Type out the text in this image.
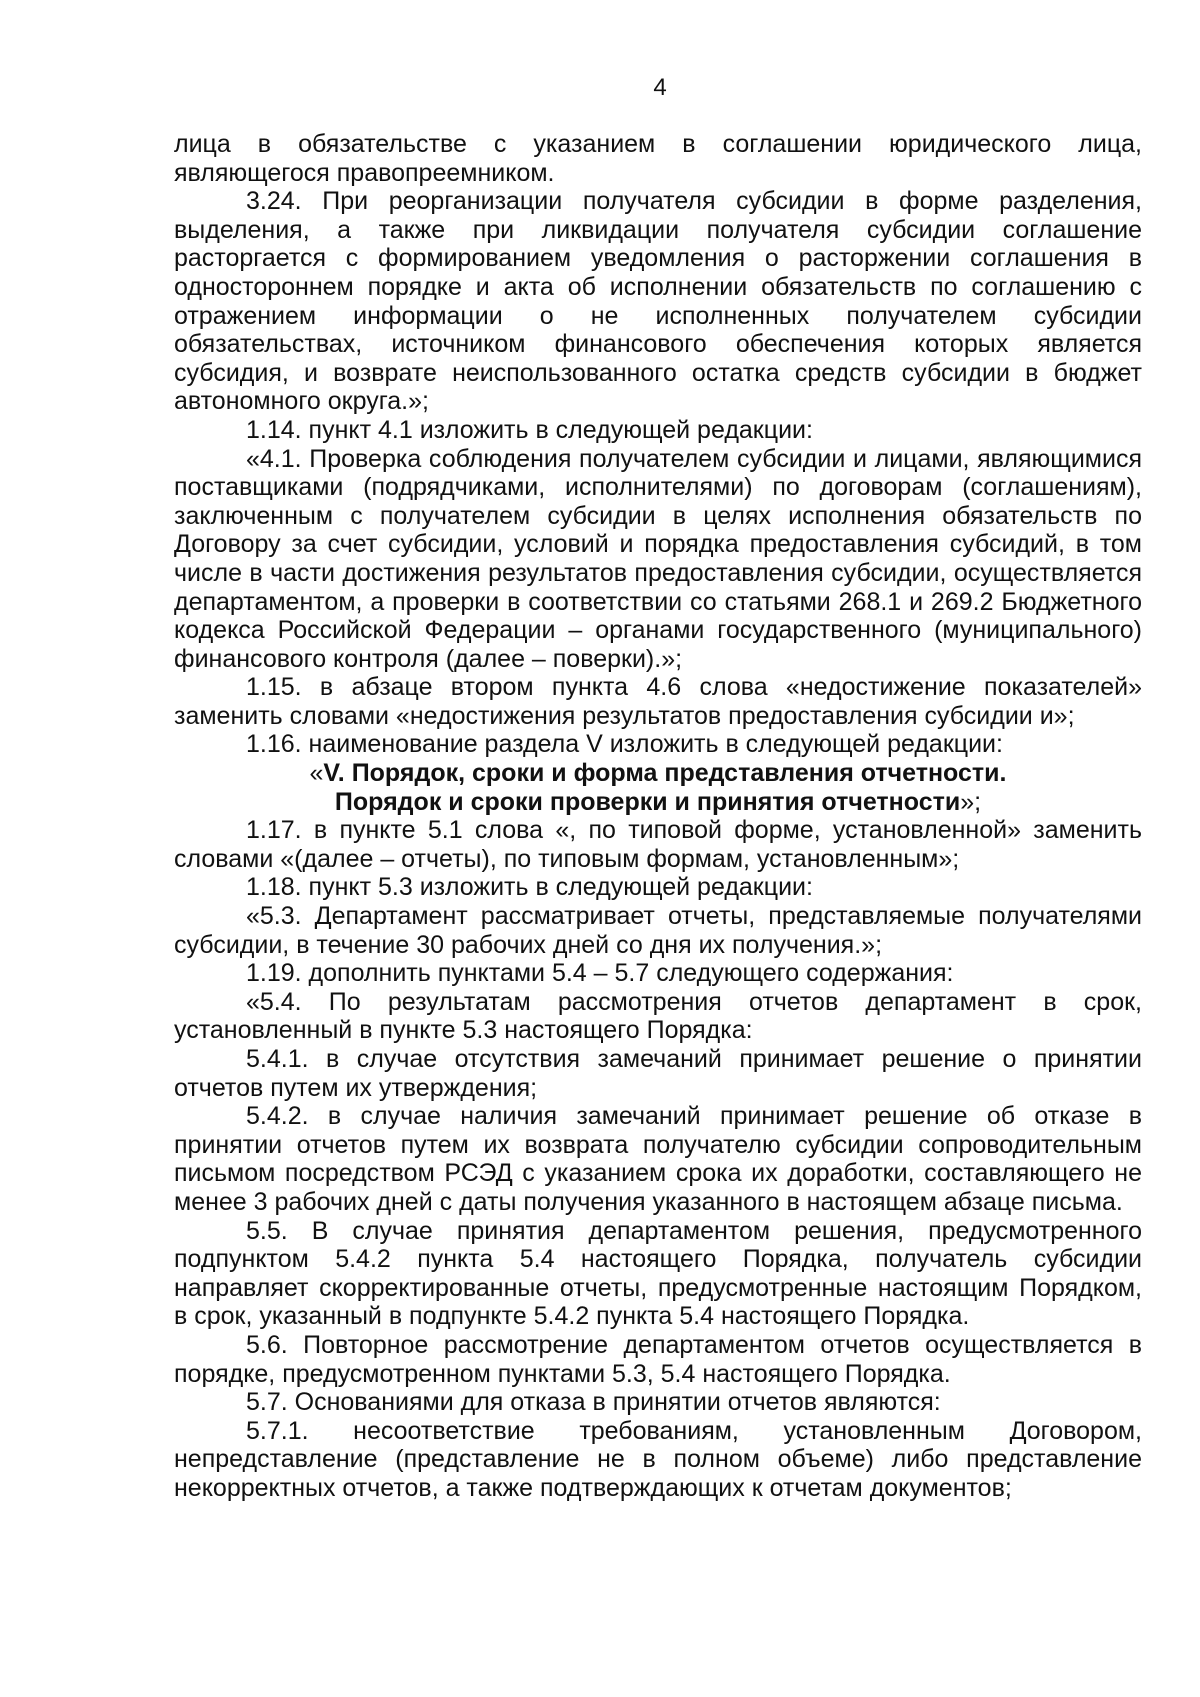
4

лица в обязательстве с указанием в соглашении юридического лица, являющегося правопреемником.

3.24. При реорганизации получателя субсидии в форме разделения, выделения, а также при ликвидации получателя субсидии соглашение расторгается с формированием уведомления о расторжении соглашения в одностороннем порядке и акта об исполнении обязательств по соглашению с отражением информации о не исполненных получателем субсидии обязательствах, источником финансового обеспечения которых является субсидия, и возврате неиспользованного остатка средств субсидии в бюджет автономного округа.»;

1.14. пункт 4.1 изложить в следующей редакции:

«4.1. Проверка соблюдения получателем субсидии и лицами, являющимися поставщиками (подрядчиками, исполнителями) по договорам (соглашениям), заключенным с получателем субсидии в целях исполнения обязательств по Договору за счет субсидии, условий и порядка предоставления субсидий, в том числе в части достижения результатов предоставления субсидии, осуществляется департаментом, а проверки в соответствии со статьями 268.1 и 269.2 Бюджетного кодекса Российской Федерации – органами государственного (муниципального) финансового контроля (далее – поверки).»;

1.15. в абзаце втором пункта 4.6 слова «недостижение показателей» заменить словами «недостижения результатов предоставления субсидии и»;

1.16. наименование раздела V изложить в следующей редакции:

«V. Порядок, сроки и форма представления отчетности.
Порядок и сроки проверки и принятия отчетности»;

1.17. в пункте 5.1 слова «, по типовой форме, установленной» заменить словами «(далее – отчеты), по типовым формам, установленным»;

1.18. пункт 5.3 изложить в следующей редакции:

«5.3. Департамент рассматривает отчеты, представляемые получателями субсидии, в течение 30 рабочих дней со дня их получения.»;

1.19. дополнить пунктами 5.4 – 5.7 следующего содержания:

«5.4. По результатам рассмотрения отчетов департамент в срок, установленный в пункте 5.3 настоящего Порядка:

5.4.1. в случае отсутствия замечаний принимает решение о принятии отчетов путем их утверждения;

5.4.2. в случае наличия замечаний принимает решение об отказе в принятии отчетов путем их возврата получателю субсидии сопроводительным письмом посредством РСЭД с указанием срока их доработки, составляющего не менее 3 рабочих дней с даты получения указанного в настоящем абзаце письма.

5.5. В случае принятия департаментом решения, предусмотренного подпунктом 5.4.2 пункта 5.4 настоящего Порядка, получатель субсидии направляет скорректированные отчеты, предусмотренные настоящим Порядком, в срок, указанный в подпункте 5.4.2 пункта 5.4 настоящего Порядка.

5.6. Повторное рассмотрение департаментом отчетов осуществляется в порядке, предусмотренном пунктами 5.3, 5.4 настоящего Порядка.

5.7. Основаниями для отказа в принятии отчетов являются:

5.7.1. несоответствие требованиям, установленным Договором, непредставление (представление не в полном объеме) либо представление некорректных отчетов, а также подтверждающих к отчетам документов;
